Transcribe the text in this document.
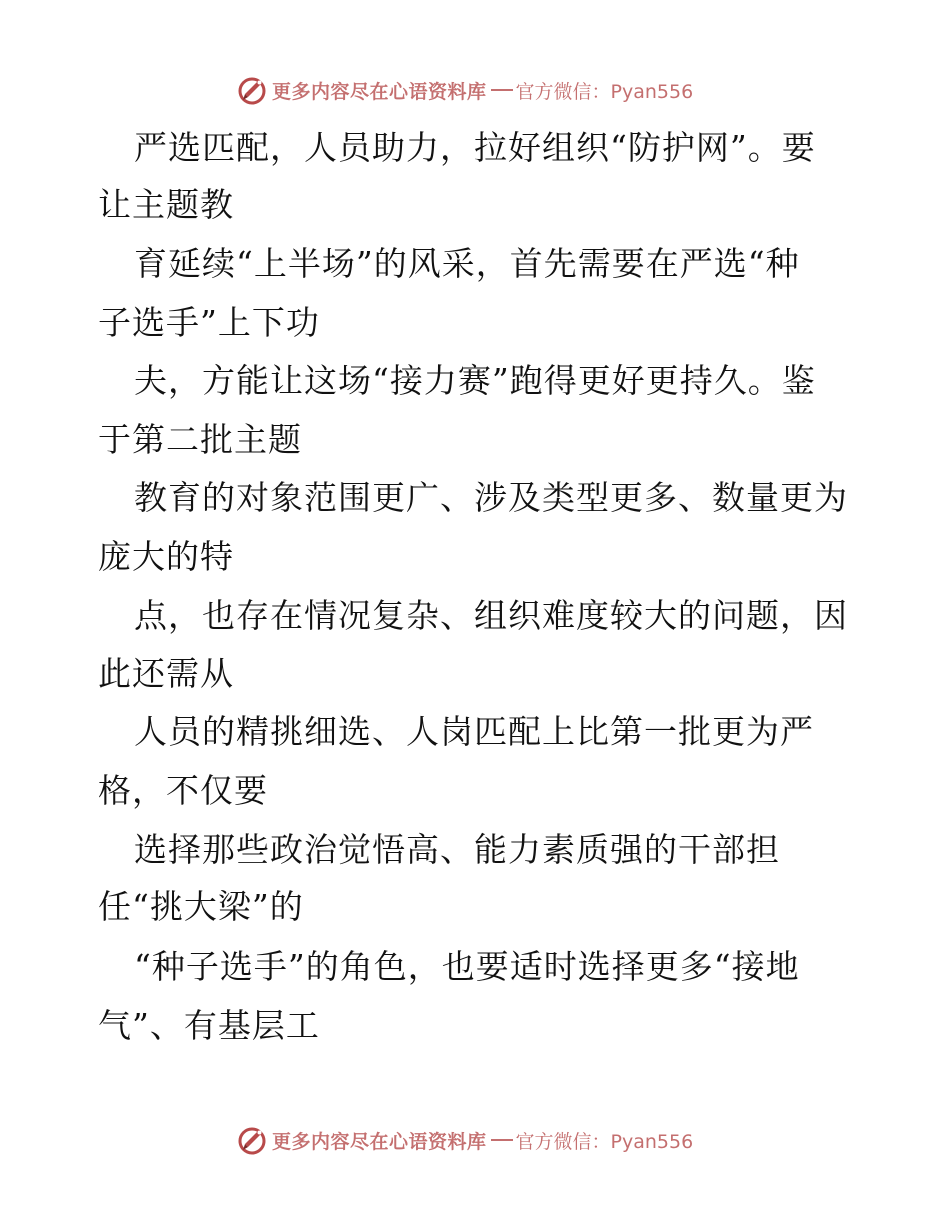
更多内容尽在心语资料库 官方微信：Pyan556
严选匹配，人员助力，拉好组织“防护网”。要
让主题教
育延续“上半场”的风采，首先需要在严选“种
子选手”上下功
夫，方能让这场“接力赛”跑得更好更持久。鉴
于第二批主题
教育的对象范围更广、涉及类型更多、数量更为
庞大的特
点，也存在情况复杂、组织难度较大的问题，因
此还需从
人员的精挑细选、人岗匹配上比第一批更为严
格，不仅要
选择那些政治觉悟高、能力素质强的干部担
任“挑大梁”的
“种子选手”的角色，也要适时选择更多“接地
气”、有基层工
更多内容尽在心语资料库 官方微信：Pyan556
